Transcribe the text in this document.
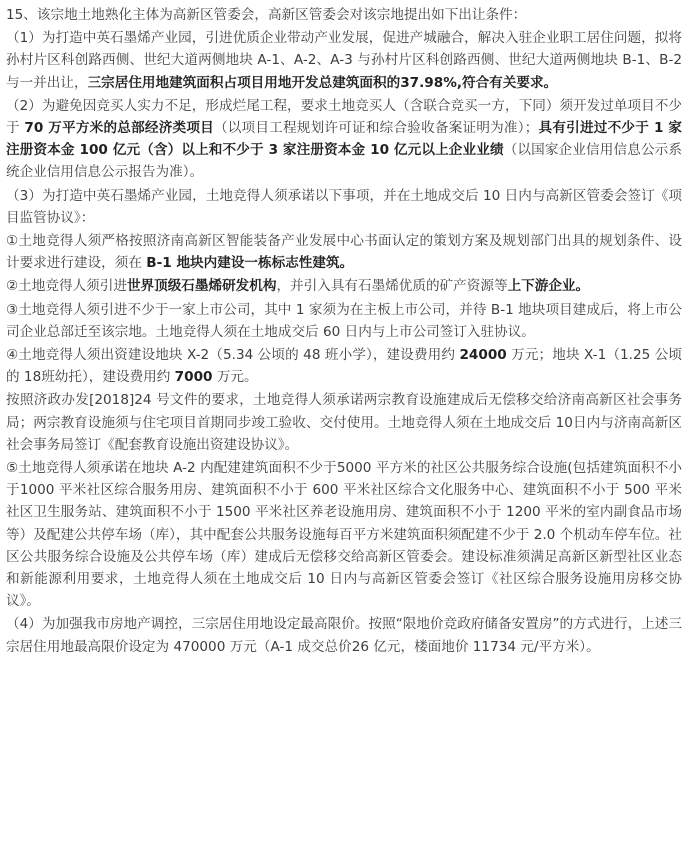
15、该宗地土地熟化主体为高新区管委会，高新区管委会对该宗地提出如下出让条件：

（1）为打造中英石墨烯产业园，引进优质企业带动产业发展，促进产城融合，解决入驻企业职工居住问题，拟将孙村片区科创路西侧、世纪大道两侧地块 A-1、A-2、A-3 与孙村片区科创路西侧、世纪大道两侧地块 B-1、B-2 与一并出让，三宗居住用地建筑面积占项目用地开发总建筑面积的37.98%,符合有关要求。

（2）为避免因竞买人实力不足，形成烂尾工程，要求土地竞买人（含联合竞买一方，下同）须开发过单项目不少于 70 万平方米的总部经济类项目（以项目工程规划许可证和综合验收备案证明为准）；具有引进过不少于 1 家注册资本金 100 亿元（含）以上和不少于 3 家注册资本金 10 亿元以上企业业绩（以国家企业信用信息公示系统企业信用信息公示报告为准）。

（3）为打造中英石墨烯产业园，土地竞得人须承诺以下事项，并在土地成交后 10 日内与高新区管委会签订《项目监管协议》：

①土地竞得人须严格按照济南高新区智能装备产业发展中心书面认定的策划方案及规划部门出具的规划条件、设计要求进行建设，须在 B-1 地块内建设一栋标志性建筑。

②土地竞得人须引进世界顶级石墨烯研发机构，并引入具有石墨烯优质的矿产资源等上下游企业。

③土地竞得人须引进不少于一家上市公司，其中 1 家须为在主板上市公司，并待 B-1 地块项目建成后，将上市公司企业总部迁至该宗地。土地竞得人须在土地成交后 60 日内与上市公司签订入驻协议。

④土地竞得人须出资建设地块 X-2（5.34 公顷的 48 班小学），建设费用约 24000 万元；地块 X-1（1.25 公顷的 18班幼托），建设费用约 7000 万元。

按照济政办发[2018]24 号文件的要求，土地竞得人须承诺两宗教育设施建成后无偿移交给济南高新区社会事务局；两宗教育设施须与住宅项目首期同步竣工验收、交付使用。土地竞得人须在土地成交后 10日内与济南高新区社会事务局签订《配套教育设施出资建设协议》。

⑤土地竞得人须承诺在地块 A-2 内配建建筑面积不少于5000 平方米的社区公共服务综合设施(包括建筑面积不小于1000 平米社区综合服务用房、建筑面积不小于 600 平米社区综合文化服务中心、建筑面积不小于 500 平米社区卫生服务站、建筑面积不小于 1500 平米社区养老设施用房、建筑面积不小于 1200 平米的室内副食品市场等）及配建公共停车场（库），其中配套公共服务设施每百平方米建筑面积须配建不少于 2.0 个机动车停车位。社区公共服务综合设施及公共停车场（库）建成后无偿移交给高新区管委会。建设标准须满足高新区新型社区业态和新能源利用要求，土地竞得人须在土地成交后 10 日内与高新区管委会签订《社区综合服务设施用房移交协议》。

（4）为加强我市房地产调控，三宗居住用地设定最高限价。按照“限地价竞政府储备安置房”的方式进行，上述三宗居住用地最高限价设定为 470000 万元（A-1 成交总价26 亿元，楼面地价 11734 元/平方米）。
